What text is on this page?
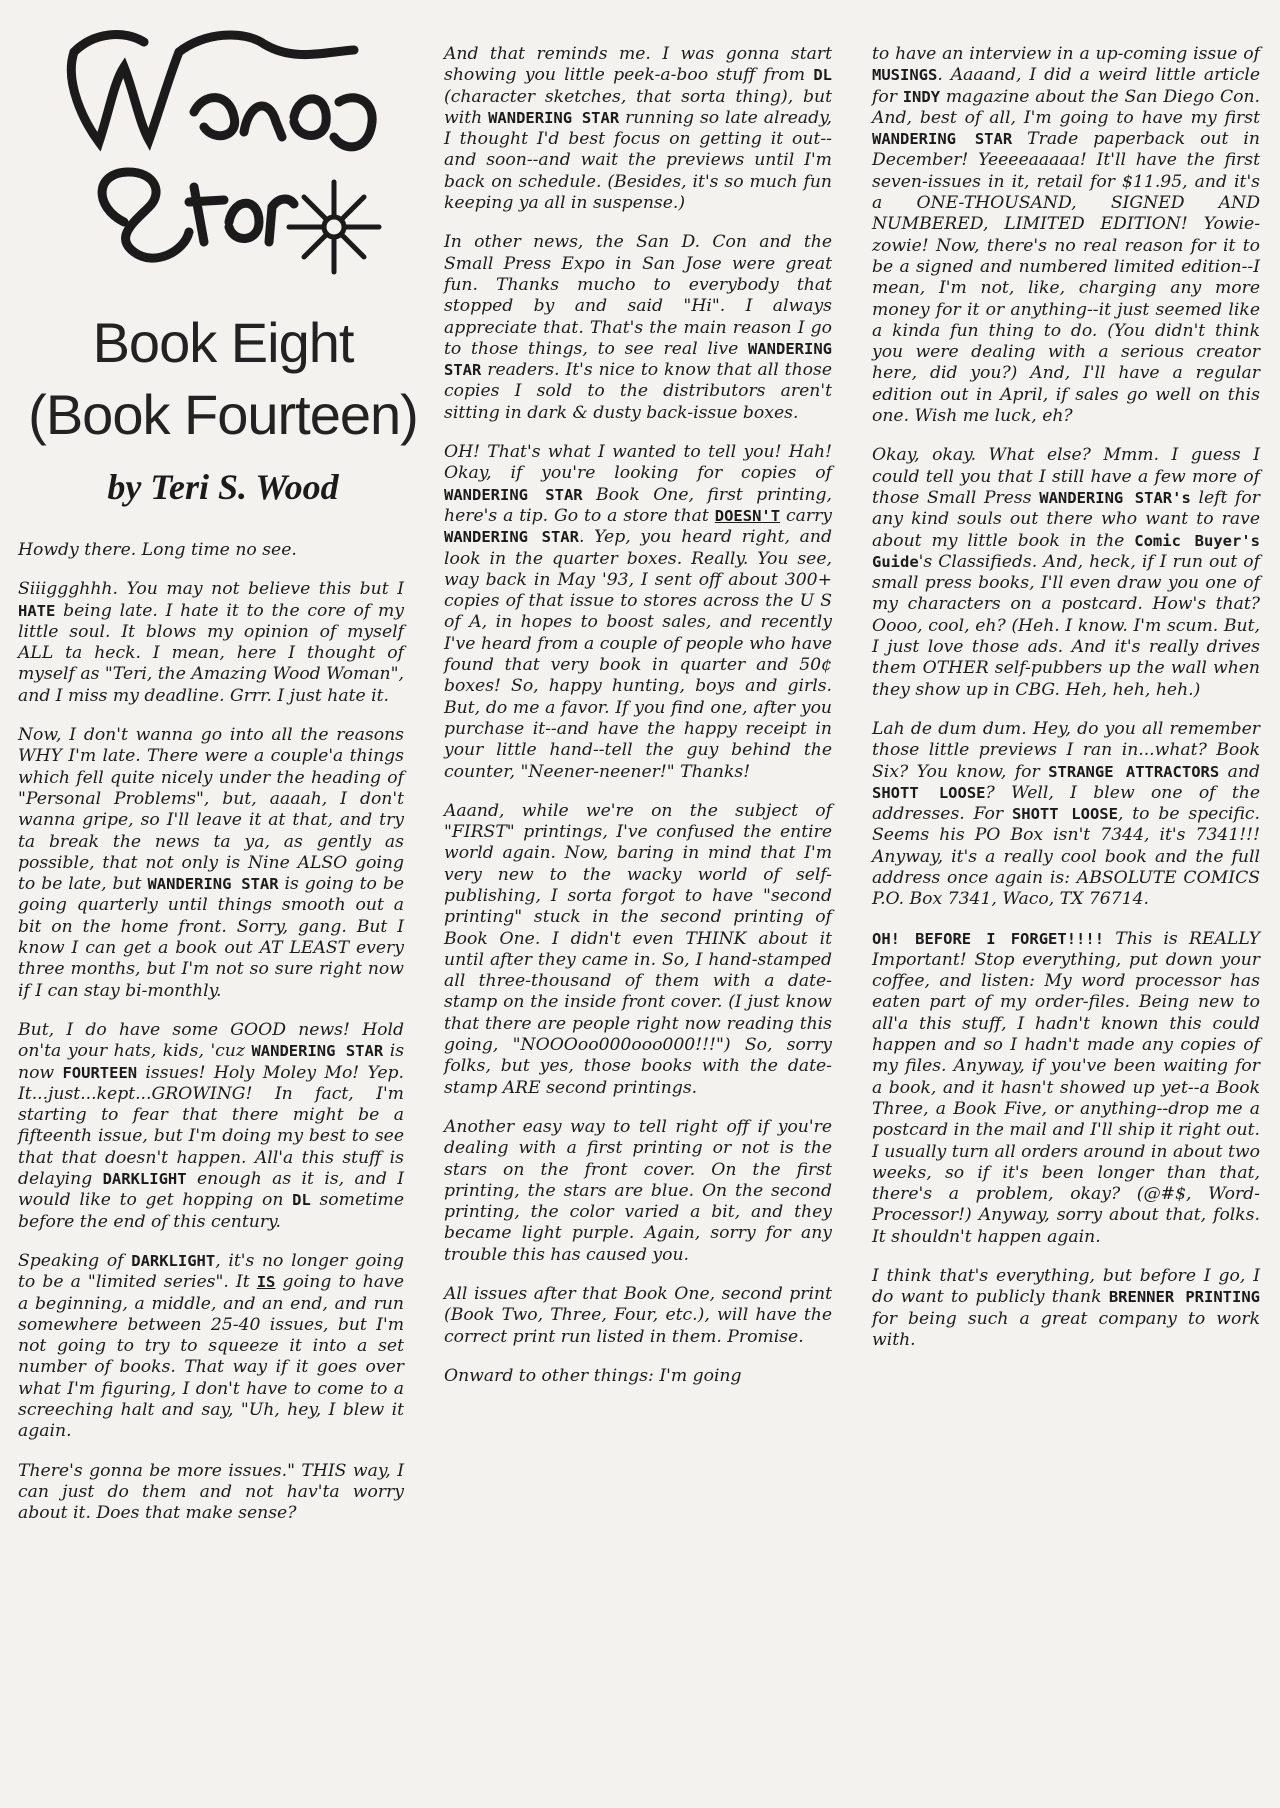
Book Eight
(Book Fourteen)
by Teri S. Wood

Howdy there. Long time no see.

Siiiggghhh. You may not believe this but I HATE being late. I hate it to the core of my little soul. It blows my opinion of myself ALL ta heck. I mean, here I thought of myself as "Teri, the Amazing Wood Woman", and I miss my deadline. Grrr. I just hate it.

Now, I don't wanna go into all the reasons WHY I'm late. There were a couple'a things which fell quite nicely under the heading of "Personal Problems", but, aaaah, I don't wanna gripe, so I'll leave it at that, and try ta break the news ta ya, as gently as possible, that not only is Nine ALSO going to be late, but WANDERING STAR is going to be going quarterly until things smooth out a bit on the home front. Sorry, gang. But I know I can get a book out AT LEAST every three months, but I'm not so sure right now if I can stay bi-monthly.

But, I do have some GOOD news! Hold on'ta your hats, kids, 'cuz WANDERING STAR is now FOURTEEN issues! Holy Moley Mo! Yep. It...just...kept...GROWING! In fact, I'm starting to fear that there might be a fifteenth issue, but I'm doing my best to see that that doesn't happen. All'a this stuff is delaying DARKLIGHT enough as it is, and I would like to get hopping on DL sometime before the end of this century.

Speaking of DARKLIGHT, it's no longer going to be a "limited series". It IS going to have a beginning, a middle, and an end, and run somewhere between 25-40 issues, but I'm not going to try to squeeze it into a set number of books. That way if it goes over what I'm figuring, I don't have to come to a screeching halt and say, "Uh, hey, I blew it again.

There's gonna be more issues." THIS way, I can just do them and not hav'ta worry about it. Does that make sense?

And that reminds me. I was gonna start showing you little peek-a-boo stuff from DL (character sketches, that sorta thing), but with WANDERING STAR running so late already, I thought I'd best focus on getting it out--and soon--and wait the previews until I'm back on schedule. (Besides, it's so much fun keeping ya all in suspense.)

In other news, the San D. Con and the Small Press Expo in San Jose were great fun. Thanks mucho to everybody that stopped by and said "Hi". I always appreciate that. That's the main reason I go to those things, to see real live WANDERING STAR readers. It's nice to know that all those copies I sold to the distributors aren't sitting in dark & dusty back-issue boxes.

OH! That's what I wanted to tell you! Hah! Okay, if you're looking for copies of WANDERING STAR Book One, first printing, here's a tip. Go to a store that DOESN'T carry WANDERING STAR. Yep, you heard right, and look in the quarter boxes. Really. You see, way back in May '93, I sent off about 300+ copies of that issue to stores across the U S of A, in hopes to boost sales, and recently I've heard from a couple of people who have found that very book in quarter and 50¢ boxes! So, happy hunting, boys and girls. But, do me a favor. If you find one, after you purchase it--and have the happy receipt in your little hand--tell the guy behind the counter, "Neener-neener!" Thanks!

Aaand, while we're on the subject of "FIRST" printings, I've confused the entire world again. Now, baring in mind that I'm very new to the wacky world of self-publishing, I sorta forgot to have "second printing" stuck in the second printing of Book One. I didn't even THINK about it until after they came in. So, I hand-stamped all three-thousand of them with a date-stamp on the inside front cover. (I just know that there are people right now reading this going, "NOOOoo000ooo000!!!") So, sorry folks, but yes, those books with the date-stamp ARE second printings.

Another easy way to tell right off if you're dealing with a first printing or not is the stars on the front cover. On the first printing, the stars are blue. On the second printing, the color varied a bit, and they became light purple. Again, sorry for any trouble this has caused you.

All issues after that Book One, second print (Book Two, Three, Four, etc.), will have the correct print run listed in them. Promise.

Onward to other things: I'm going

to have an interview in a up-coming issue of MUSINGS. Aaaand, I did a weird little article for INDY magazine about the San Diego Con. And, best of all, I'm going to have my first WANDERING STAR Trade paperback out in December! Yeeeeaaaaa! It'll have the first seven-issues in it, retail for $11.95, and it's a ONE-THOUSAND, SIGNED AND NUMBERED, LIMITED EDITION! Yowie-zowie! Now, there's no real reason for it to be a signed and numbered limited edition--I mean, I'm not, like, charging any more money for it or anything--it just seemed like a kinda fun thing to do. (You didn't think you were dealing with a serious creator here, did you?) And, I'll have a regular edition out in April, if sales go well on this one. Wish me luck, eh?

Okay, okay. What else? Mmm. I guess I could tell you that I still have a few more of those Small Press WANDERING STAR's left for any kind souls out there who want to rave about my little book in the Comic Buyer's Guide's Classifieds. And, heck, if I run out of small press books, I'll even draw you one of my characters on a postcard. How's that? Oooo, cool, eh? (Heh. I know. I'm scum. But, I just love those ads. And it's really drives them OTHER self-pubbers up the wall when they show up in CBG. Heh, heh, heh.)

Lah de dum dum. Hey, do you all remember those little previews I ran in...what? Book Six? You know, for STRANGE ATTRACTORS and SHOTT LOOSE? Well, I blew one of the addresses. For SHOTT LOOSE, to be specific. Seems his PO Box isn't 7344, it's 7341!!! Anyway, it's a really cool book and the full address once again is: ABSOLUTE COMICS P.O. Box 7341, Waco, TX 76714.

OH! BEFORE I FORGET!!!! This is REALLY Important! Stop everything, put down your coffee, and listen: My word processor has eaten part of my order-files. Being new to all'a this stuff, I hadn't known this could happen and so I hadn't made any copies of my files. Anyway, if you've been waiting for a book, and it hasn't showed up yet--a Book Three, a Book Five, or anything--drop me a postcard in the mail and I'll ship it right out. I usually turn all orders around in about two weeks, so if it's been longer than that, there's a problem, okay? (@#$, Word-Processor!) Anyway, sorry about that, folks. It shouldn't happen again.

I think that's everything, but before I go, I do want to publicly thank BRENNER PRINTING for being such a great company to work with.
